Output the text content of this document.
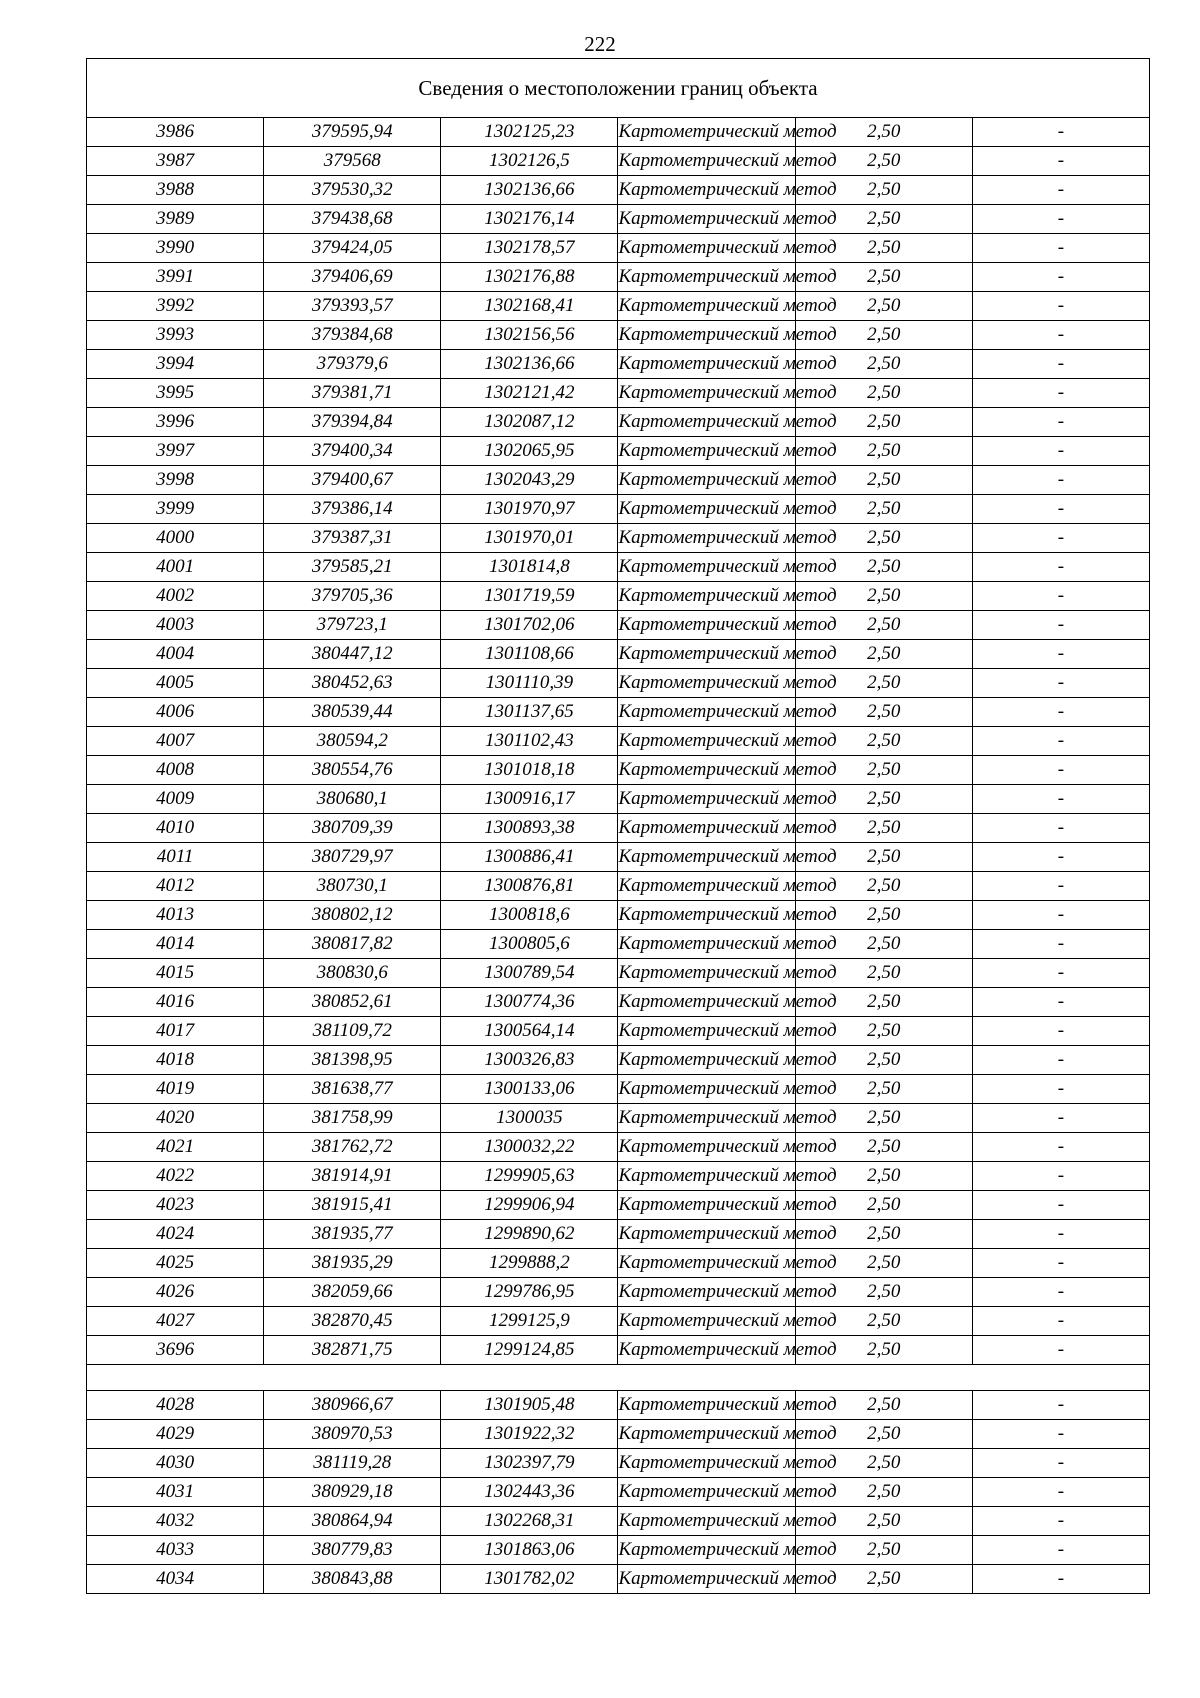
222
Сведения о местоположении границ объекта					
3986	379595,94	1302125,23	Картометрический метод	2,50	-
3987	379568	1302126,5	Картометрический метод	2,50	-
3988	379530,32	1302136,66	Картометрический метод	2,50	-
3989	379438,68	1302176,14	Картометрический метод	2,50	-
3990	379424,05	1302178,57	Картометрический метод	2,50	-
3991	379406,69	1302176,88	Картометрический метод	2,50	-
3992	379393,57	1302168,41	Картометрический метод	2,50	-
3993	379384,68	1302156,56	Картометрический метод	2,50	-
3994	379379,6	1302136,66	Картометрический метод	2,50	-
3995	379381,71	1302121,42	Картометрический метод	2,50	-
3996	379394,84	1302087,12	Картометрический метод	2,50	-
3997	379400,34	1302065,95	Картометрический метод	2,50	-
3998	379400,67	1302043,29	Картометрический метод	2,50	-
3999	379386,14	1301970,97	Картометрический метод	2,50	-
4000	379387,31	1301970,01	Картометрический метод	2,50	-
4001	379585,21	1301814,8	Картометрический метод	2,50	-
4002	379705,36	1301719,59	Картометрический метод	2,50	-
4003	379723,1	1301702,06	Картометрический метод	2,50	-
4004	380447,12	1301108,66	Картометрический метод	2,50	-
4005	380452,63	1301110,39	Картометрический метод	2,50	-
4006	380539,44	1301137,65	Картометрический метод	2,50	-
4007	380594,2	1301102,43	Картометрический метод	2,50	-
4008	380554,76	1301018,18	Картометрический метод	2,50	-
4009	380680,1	1300916,17	Картометрический метод	2,50	-
4010	380709,39	1300893,38	Картометрический метод	2,50	-
4011	380729,97	1300886,41	Картометрический метод	2,50	-
4012	380730,1	1300876,81	Картометрический метод	2,50	-
4013	380802,12	1300818,6	Картометрический метод	2,50	-
4014	380817,82	1300805,6	Картометрический метод	2,50	-
4015	380830,6	1300789,54	Картометрический метод	2,50	-
4016	380852,61	1300774,36	Картометрический метод	2,50	-
4017	381109,72	1300564,14	Картометрический метод	2,50	-
4018	381398,95	1300326,83	Картометрический метод	2,50	-
4019	381638,77	1300133,06	Картометрический метод	2,50	-
4020	381758,99	1300035	Картометрический метод	2,50	-
4021	381762,72	1300032,22	Картометрический метод	2,50	-
4022	381914,91	1299905,63	Картометрический метод	2,50	-
4023	381915,41	1299906,94	Картометрический метод	2,50	-
4024	381935,77	1299890,62	Картометрический метод	2,50	-
4025	381935,29	1299888,2	Картометрический метод	2,50	-
4026	382059,66	1299786,95	Картометрический метод	2,50	-
4027	382870,45	1299125,9	Картометрический метод	2,50	-
3696	382871,75	1299124,85	Картометрический метод	2,50	-

4028	380966,67	1301905,48	Картометрический метод	2,50	-
4029	380970,53	1301922,32	Картометрический метод	2,50	-
4030	381119,28	1302397,79	Картометрический метод	2,50	-
4031	380929,18	1302443,36	Картометрический метод	2,50	-
4032	380864,94	1302268,31	Картометрический метод	2,50	-
4033	380779,83	1301863,06	Картометрический метод	2,50	-
4034	380843,88	1301782,02	Картометрический метод	2,50	-
